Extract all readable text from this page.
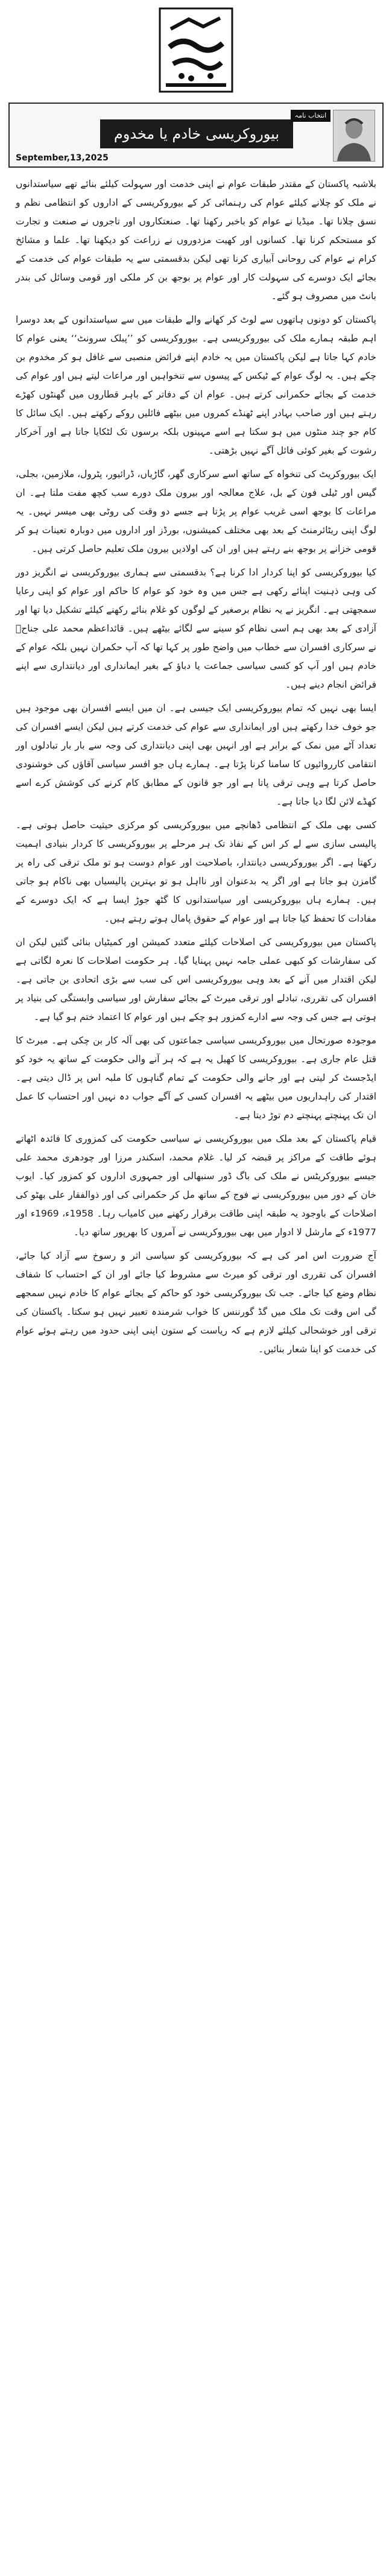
September,13,2025
بیوروکریسی خادم یا مخدوم
انتخاب نامہ

بلاشبہ پاکستان کے مقتدر طبقات عوام نے اپنی خدمت اور سہولت کیلئے بنائے تھے سیاستدانوں نے ملک کو چلانے کیلئے عوام کی رہنمائی کر کے بیوروکریسی کے اداروں کو انتظامی نظم و نسق چلانا تھا۔ میڈیا نے عوام کو باخبر رکھنا تھا۔ صنعتکاروں اور تاجروں نے صنعت و تجارت کو مستحکم کرنا تھا۔ کسانوں اور کھیت مزدوروں نے زراعت کو دیکھنا تھا۔ علما و مشائخ کرام نے عوام کی روحانی آبیاری کرنا تھی لیکن بدقسمتی سے یہ طبقات عوام کی خدمت کے بجائے ایک دوسرے کی سہولت کار اور عوام پر بوجھ بن کر ملکی اور قومی وسائل کی بندر بانٹ میں مصروف ہو گئے۔

پاکستان کو دونوں ہاتھوں سے لوٹ کر کھانے والے طبقات میں سے سیاستدانوں کے بعد دوسرا اہم طبقہ ہمارے ملک کی بیوروکریسی ہے۔ بیوروکریسی کو ’’پبلک سرونٹ‘‘ یعنی عوام کا خادم کہا جاتا ہے لیکن پاکستان میں یہ خادم اپنے فرائض منصبی سے غافل ہو کر مخدوم بن چکے ہیں۔ یہ لوگ عوام کے ٹیکس کے پیسوں سے تنخواہیں اور مراعات لیتے ہیں اور عوام کی خدمت کے بجائے حکمرانی کرتے ہیں۔ عوام ان کے دفاتر کے باہر قطاروں میں گھنٹوں کھڑے رہتے ہیں اور صاحب بہادر اپنے ٹھنڈے کمروں میں بیٹھے فائلیں روکے رکھتے ہیں۔ ایک سائل کا کام جو چند منٹوں میں ہو سکتا ہے اسے مہینوں بلکہ برسوں تک لٹکایا جاتا ہے اور آخرکار رشوت کے بغیر کوئی فائل آگے نہیں بڑھتی۔

ایک بیوروکریٹ کی تنخواہ کے ساتھ اسے سرکاری گھر، گاڑیاں، ڈرائیور، پٹرول، ملازمین، بجلی، گیس اور ٹیلی فون کے بل، علاج معالجہ اور بیرون ملک دورے سب کچھ مفت ملتا ہے۔ ان مراعات کا بوجھ اسی غریب عوام پر پڑتا ہے جسے دو وقت کی روٹی بھی میسر نہیں۔ یہ لوگ اپنی ریٹائرمنٹ کے بعد بھی مختلف کمیشنوں، بورڈز اور اداروں میں دوبارہ تعینات ہو کر قومی خزانے پر بوجھ بنے رہتے ہیں اور ان کی اولادیں بیرون ملک تعلیم حاصل کرتی ہیں۔

کیا بیوروکریسی کو اپنا کردار ادا کرنا ہے؟ بدقسمتی سے ہماری بیوروکریسی نے انگریز دور کی وہی ذہنیت اپنائے رکھی ہے جس میں وہ خود کو عوام کا حاکم اور عوام کو اپنی رعایا سمجھتی ہے۔ انگریز نے یہ نظام برصغیر کے لوگوں کو غلام بنائے رکھنے کیلئے تشکیل دیا تھا اور آزادی کے بعد بھی ہم اسی نظام کو سینے سے لگائے بیٹھے ہیں۔ قائداعظم محمد علی جناحؒ نے سرکاری افسران سے خطاب میں واضح طور پر کہا تھا کہ آپ حکمران نہیں بلکہ عوام کے خادم ہیں اور آپ کو کسی سیاسی جماعت یا دباؤ کے بغیر ایمانداری اور دیانتداری سے اپنے فرائض انجام دینے ہیں۔

ایسا بھی نہیں کہ تمام بیوروکریسی ایک جیسی ہے۔ ان میں ایسے افسران بھی موجود ہیں جو خوف خدا رکھتے ہیں اور ایمانداری سے عوام کی خدمت کرتے ہیں لیکن ایسے افسران کی تعداد آٹے میں نمک کے برابر ہے اور انہیں بھی اپنی دیانتداری کی وجہ سے بار بار تبادلوں اور انتقامی کارروائیوں کا سامنا کرنا پڑتا ہے۔ ہمارے ہاں جو افسر سیاسی آقاؤں کی خوشنودی حاصل کرتا ہے وہی ترقی پاتا ہے اور جو قانون کے مطابق کام کرنے کی کوشش کرے اسے کھڈے لائن لگا دیا جاتا ہے۔

کسی بھی ملک کے انتظامی ڈھانچے میں بیوروکریسی کو مرکزی حیثیت حاصل ہوتی ہے۔ پالیسی سازی سے لے کر اس کے نفاذ تک ہر مرحلے پر بیوروکریسی کا کردار بنیادی اہمیت رکھتا ہے۔ اگر بیوروکریسی دیانتدار، باصلاحیت اور عوام دوست ہو تو ملک ترقی کی راہ پر گامزن ہو جاتا ہے اور اگر یہ بدعنوان اور نااہل ہو تو بہترین پالیسیاں بھی ناکام ہو جاتی ہیں۔ ہمارے ہاں بیوروکریسی اور سیاستدانوں کا گٹھ جوڑ ایسا ہے کہ ایک دوسرے کے مفادات کا تحفظ کیا جاتا ہے اور عوام کے حقوق پامال ہوتے رہتے ہیں۔

پاکستان میں بیوروکریسی کی اصلاحات کیلئے متعدد کمیشن اور کمیٹیاں بنائی گئیں لیکن ان کی سفارشات کو کبھی عملی جامہ نہیں پہنایا گیا۔ ہر حکومت اصلاحات کا نعرہ لگاتی ہے لیکن اقتدار میں آنے کے بعد وہی بیوروکریسی اس کی سب سے بڑی اتحادی بن جاتی ہے۔ افسران کی تقرری، تبادلے اور ترقی میرٹ کے بجائے سفارش اور سیاسی وابستگی کی بنیاد پر ہوتی ہے جس کی وجہ سے ادارے کمزور ہو چکے ہیں اور عوام کا اعتماد ختم ہو گیا ہے۔

موجودہ صورتحال میں بیوروکریسی سیاسی جماعتوں کی بھی آلہ کار بن چکی ہے۔ میرٹ کا قتل عام جاری ہے۔ بیوروکریسی کا کھیل یہ ہے کہ ہر آنے والی حکومت کے ساتھ یہ خود کو ایڈجسٹ کر لیتی ہے اور جانے والی حکومت کے تمام گناہوں کا ملبہ اس پر ڈال دیتی ہے۔ اقتدار کی راہداریوں میں بیٹھے یہ افسران کسی کے آگے جواب دہ نہیں اور احتساب کا عمل ان تک پہنچتے پہنچتے دم توڑ دیتا ہے۔

قیام پاکستان کے بعد ملک میں بیوروکریسی نے سیاسی حکومت کی کمزوری کا فائدہ اٹھاتے ہوئے طاقت کے مراکز پر قبضہ کر لیا۔ غلام محمد، اسکندر مرزا اور چودھری محمد علی جیسے بیوروکریٹس نے ملک کی باگ ڈور سنبھالی اور جمہوری اداروں کو کمزور کیا۔ ایوب خان کے دور میں بیوروکریسی نے فوج کے ساتھ مل کر حکمرانی کی اور ذوالفقار علی بھٹو کی اصلاحات کے باوجود یہ طبقہ اپنی طاقت برقرار رکھنے میں کامیاب رہا۔ 1958ء، 1969ء اور 1977ء کے مارشل لا ادوار میں بھی بیوروکریسی نے آمروں کا بھرپور ساتھ دیا۔

آج ضرورت اس امر کی ہے کہ بیوروکریسی کو سیاسی اثر و رسوخ سے آزاد کیا جائے، افسران کی تقرری اور ترقی کو میرٹ سے مشروط کیا جائے اور ان کے احتساب کا شفاف نظام وضع کیا جائے۔ جب تک بیوروکریسی خود کو حاکم کے بجائے عوام کا خادم نہیں سمجھے گی اس وقت تک ملک میں گڈ گورننس کا خواب شرمندہ تعبیر نہیں ہو سکتا۔ پاکستان کی ترقی اور خوشحالی کیلئے لازم ہے کہ ریاست کے ستون اپنی اپنی حدود میں رہتے ہوئے عوام کی خدمت کو اپنا شعار بنائیں۔
